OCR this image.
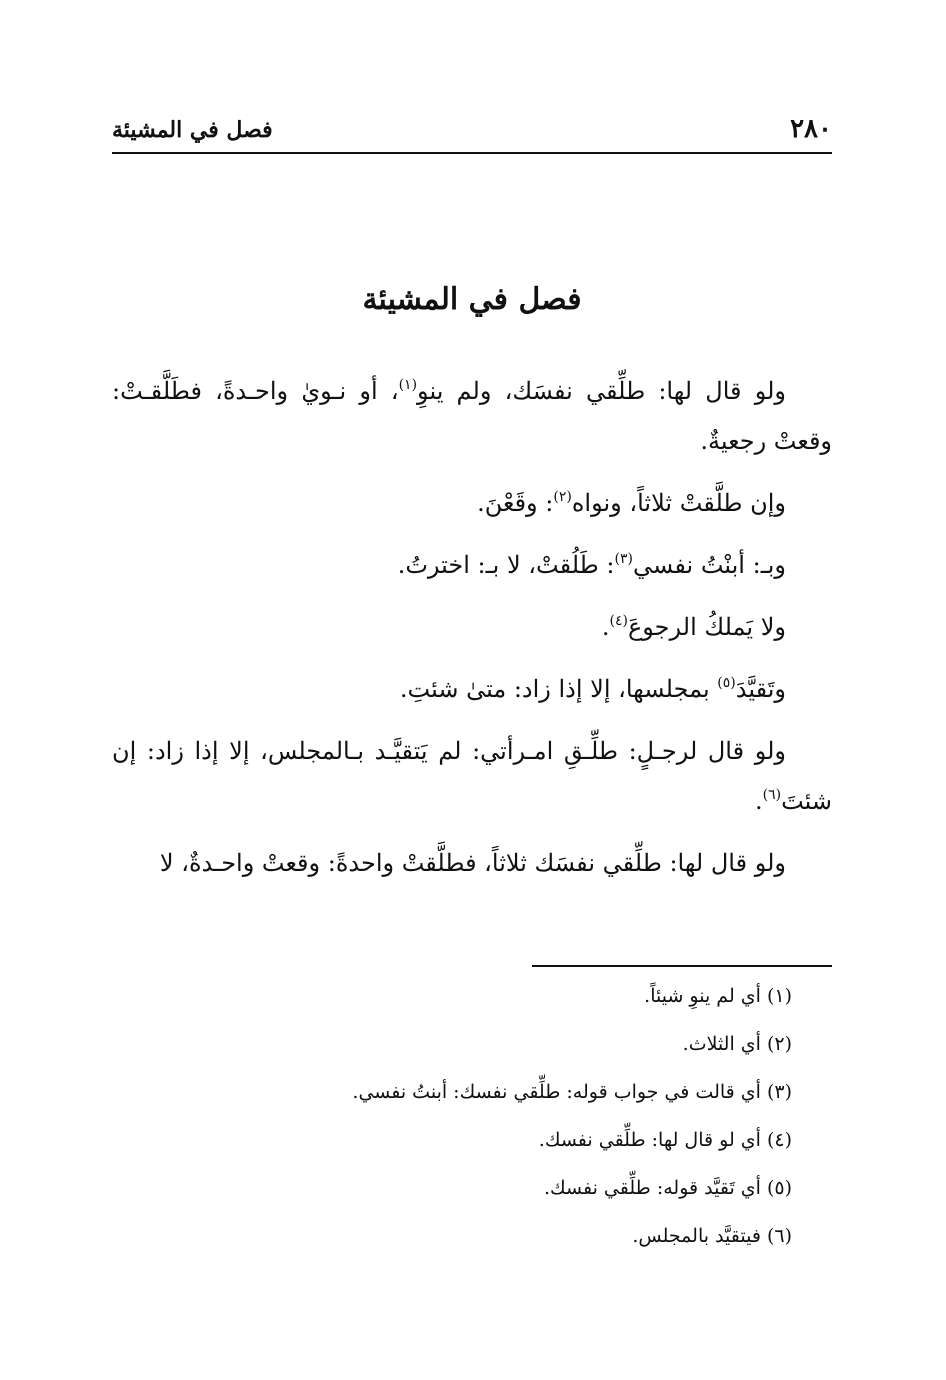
٢٨٠
فصل في المشيئة
فصل في المشيئة

ولو قال لها: طلِّقي نفسَك، ولم ينوِ$^{(١)}$، أو نـويٰ واحـدةً، فطَلَّقـتْ: وقعتْ رجعيةٌ.

وإن طلَّقتْ ثلاثاً، ونواه$^{(٢)}$: وقَعْنَ.

وبـ: أبنْتُ نفسي$^{(٣)}$: طَلُقتْ، لا بـ: اخترتُ.

ولا يَملكُ الرجوعَ$^{(٤)}$.

وتَقيَّدَ$^{(٥)}$ بمجلسها، إلا إذا زاد: متىٰ شئتِ.

ولو قال لرجـلٍ: طلِّـقِ امـرأتي: لم يَتقيَّـد بـالمجلس، إلا إذا زاد: إن شئتَ$^{(٦)}$.

ولو قال لها: طلِّقي نفسَك ثلاثاً، فطلَّقتْ واحدةً: وقعتْ واحـدةٌ، لا

(١)أي لم ينوِ شيئاً.
(٢)أي الثلاث.
(٣)أي قالت في جواب قوله: طلِّقي نفسك: أبنتُ نفسي.
(٤)أي لو قال لها: طلِّقي نفسك.
(٥)أي تَقيَّد قوله: طلِّقي نفسك.
(٦)فيتقيَّد بالمجلس.
